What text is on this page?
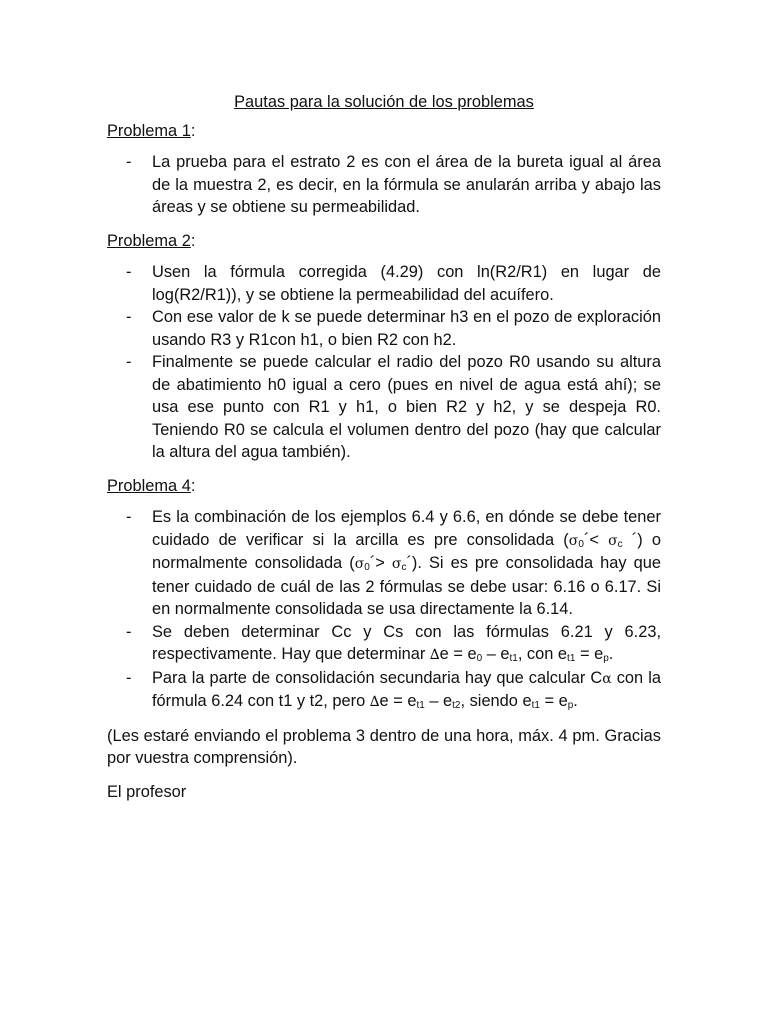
Pautas para la solución de los problemas
Problema 1:
- La prueba para el estrato 2 es con el área de la bureta igual al área de la muestra 2, es decir, en la fórmula se anularán arriba y abajo las áreas y se obtiene su permeabilidad.
Problema 2:
- Usen la fórmula corregida (4.29) con ln(R2/R1) en lugar de log(R2/R1)), y se obtiene la permeabilidad del acuífero.
- Con ese valor de k se puede determinar h3 en el pozo de exploración usando R3 y R1con h1, o bien R2 con h2.
- Finalmente se puede calcular el radio del pozo R0 usando su altura de abatimiento h0 igual a cero (pues en nivel de agua está ahí); se usa ese punto con R1 y h1, o bien R2 y h2, y se despeja R0. Teniendo R0 se calcula el volumen dentro del pozo (hay que calcular la altura del agua también).
Problema 4:
- Es la combinación de los ejemplos 6.4 y 6.6, en dónde se debe tener cuidado de verificar si la arcilla es pre consolidada ($\sigma_0´< \sigma_c$ ´) o normalmente consolidada ($\sigma_0´>$ $\sigma_c´$). Si es pre consolidada hay que tener cuidado de cuál de las 2 fórmulas se debe usar: 6.16 o 6.17. Si en normalmente consolidada se usa directamente la 6.14.
- Se deben determinar Cc y Cs con las fórmulas 6.21 y 6.23, respectivamente. Hay que determinar $\Delta e = e_0 - e_{t1}$, con $e_{t1} = e_p$.
- Para la parte de consolidación secundaria hay que calcular Cα con la fórmula 6.24 con t1 y t2, pero $\Delta e = e_{t1} - e_{t2}$, siendo $e_{t1} = e_p$.
(Les estaré enviando el problema 3 dentro de una hora, máx. 4 pm. Gracias por vuestra comprensión).
El profesor
